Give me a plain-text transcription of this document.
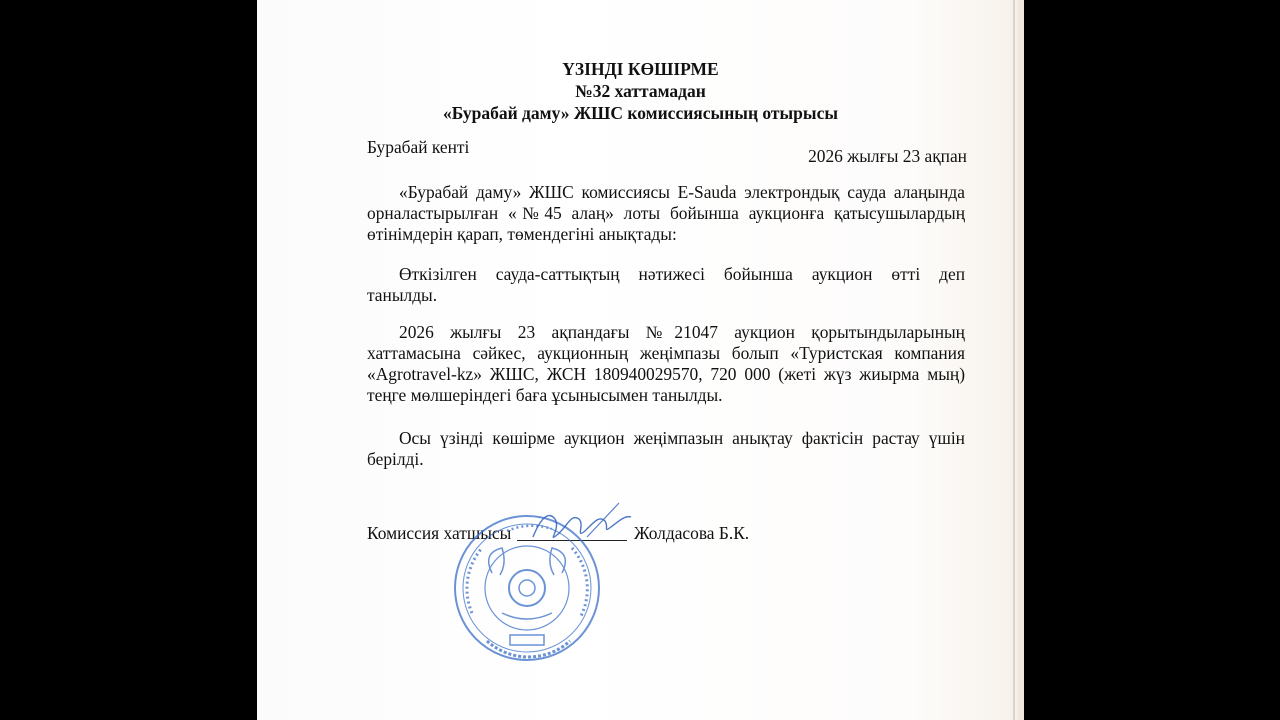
ҮЗІНДІ КӨШІРМЕ
№32 хаттамадан
«Бурабай даму» ЖШС комиссиясының отырысы
Бурабай кенті	2026 жылғы 23 ақпан
«Бурабай даму» ЖШС комиссиясы E-Sauda электрондық сауда алаңында
орналастырылған «№45 алаң» лоты бойынша аукционға қатысушылардың
өтінімдерін қарап, төмендегіні анықтады:
Өткізілген сауда-саттықтың нәтижесі бойынша аукцион өтті деп
танылды.
2026 жылғы 23 ақпандағы №21047 аукцион қорытындыларының
хаттамасына сәйкес, аукционның жеңімпазы болып «Туристская компания
«Agrotravel-kz» ЖШС, ЖСН 180940029570, 720 000 (жеті жүз жиырма мың)
теңге мөлшеріндегі баға ұсынысымен танылды.
Осы үзінді көшірме аукцион жеңімпазын анықтау фактісін растау үшін
берілді.
Комиссия хатшысы	Жолдасова Б.К.
